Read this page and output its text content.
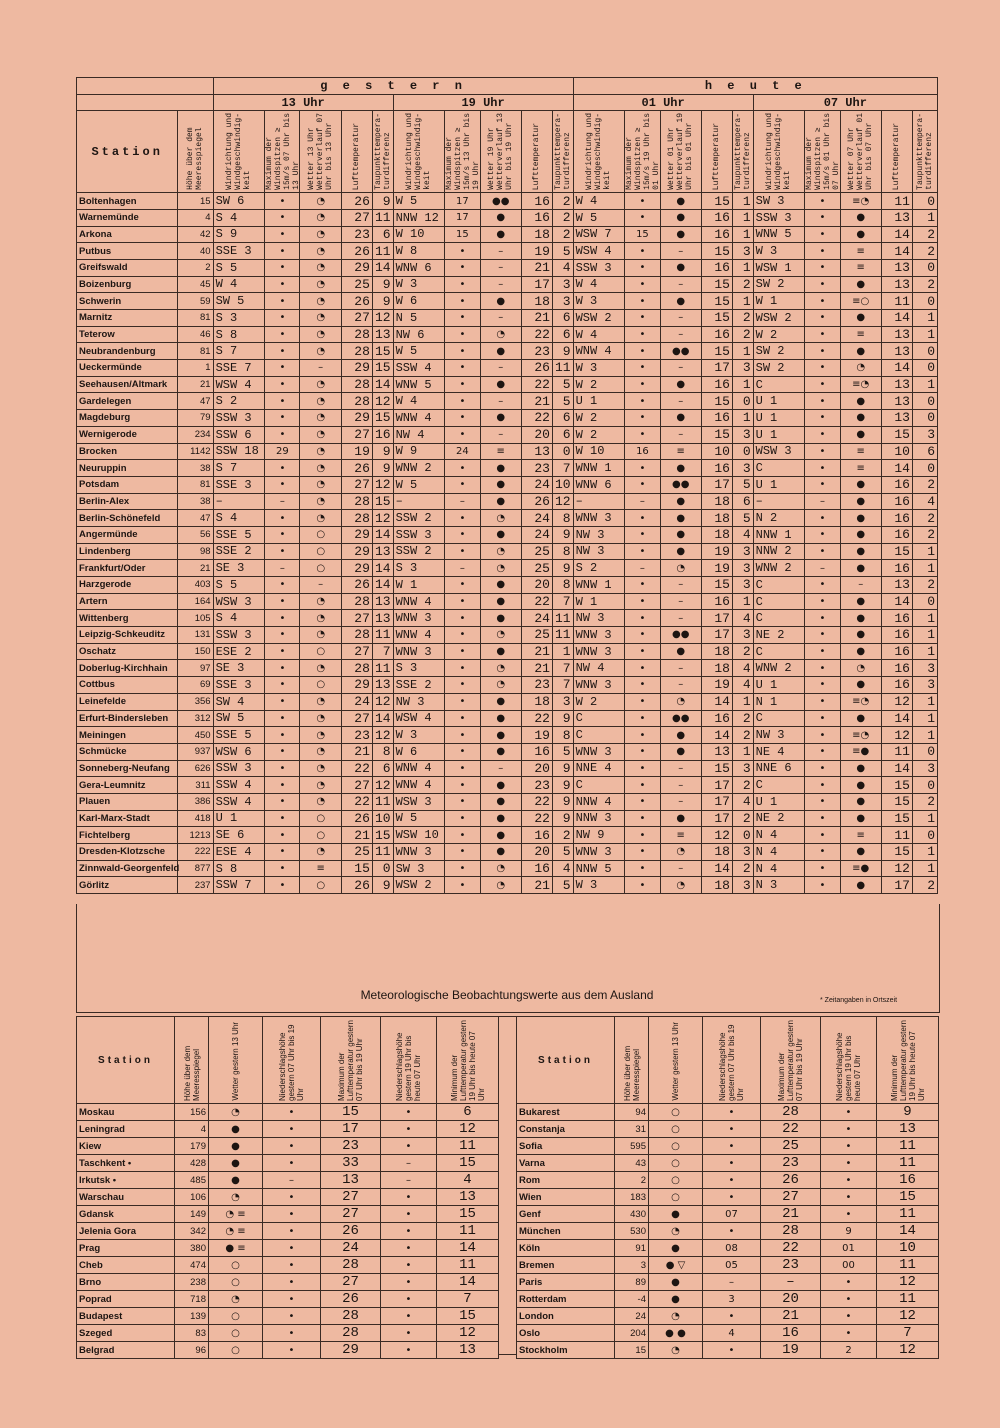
		g e s t e r n										h e u t e									
		13 Uhr					19 Uhr					01 Uhr					07 Uhr				
Station	Höhe über dem Meeresspiegel	Windrichtung und Windgeschwindig-keit	Maximum der Windspitzen ≥ 15m/s 07 Uhr bis 13 Uhr	Wetter 13 Uhr Wetterverlauf 07 Uhr bis 13 Uhr	Lufttemperatur	Taupunkttempera-turdifferenz	Windrichtung und Windgeschwindig-keit	Maximum der Windspitzen ≥ 15m/s 13 Uhr bis 19 Uhr	Wetter 19 Uhr Wetterverlauf 13 Uhr bis 19 Uhr	Lufttemperatur	Taupunkttempera-turdifferenz	Windrichtung und Windgeschwindig-keit	Maximum der Windspitzen ≥ 15m/s 19 Uhr bis 01 Uhr	Wetter 01 Uhr Wetterverlauf 19 Uhr bis 01 Uhr	Lufttemperatur	Taupunkttempera-turdifferenz	Windrichtung und Windgeschwindig-keit	Maximum der Windspitzen ≥ 15m/s 01 Uhr bis 07 Uhr	Wetter 07 Uhr Wetterverlauf 01 Uhr bis 07 Uhr	Lufttemperatur	Taupunkttempera-turdifferenz

Boltenhagen	15	SW 6	•	◔	26	9	W 5	17	●●	16	2	W 4	•	●	15	1	SW 3	•	≡◔	11	0
Warnemünde	4	S 4	•	◔	27	11	NNW 12	17	●	16	2	W 5	•	●	16	1	SSW 3	•	●	13	1
Arkona	42	S 9	•	◔	23	6	W 10	15	●	18	2	WSW 7	15	●	16	1	WNW 5	•	●	14	2
Putbus	40	SSE 3	•	◔	26	11	W 8	•	–	19	5	WSW 4	•	–	15	3	W 3	•	≡	14	2
Greifswald	2	S 5	•	◔	29	14	WNW 6	•	–	21	4	SSW 3	•	●	16	1	WSW 1	•	≡	13	0
Boizenburg	45	W 4	•	◔	25	9	W 3	•	–	17	3	W 4	•	–	15	2	SW 2	•	●	13	2
Schwerin	59	SW 5	•	◔	26	9	W 6	•	●	18	3	W 3	•	●	15	1	W 1	•	≡○	11	0
Marnitz	81	S 3	•	◔	27	12	N 5	•	–	21	6	WSW 2	•	–	15	2	WSW 2	•	●	14	1
Teterow	46	S 8	•	◔	28	13	NW 6	•	◔	22	6	W 4	•	–	16	2	W 2	•	≡	13	1
Neubrandenburg	81	S 7	•	◔	28	15	W 5	•	●	23	9	WNW 4	•	●●	15	1	SW 2	•	●	13	0
Ueckermünde	1	SSE 7	•	–	29	15	SSW 4	•	–	26	11	W 3	•	–	17	3	SW 2	•	◔	14	0
Seehausen/Altmark	21	WSW 4	•	◔	28	14	WNW 5	•	●	22	5	W 2	•	●	16	1	C	•	≡◔	13	1
Gardelegen	47	S 2	•	◔	28	12	W 4	•	–	21	5	U 1	•	–	15	0	U 1	•	●	13	0
Magdeburg	79	SSW 3	•	◔	29	15	WNW 4	•	●	22	6	W 2	•	●	16	1	U 1	•	●	13	0
Wernigerode	234	SSW 6	•	◔	27	16	NW 4	•	–	20	6	W 2	•	–	15	3	U 1	•	●	15	3
Brocken	1142	SSW 18	29	◔	19	9	W 9	24	≡	13	0	W 10	16	≡	10	0	WSW 3	•	≡	10	6
Neuruppin	38	S 7	•	◔	26	9	WNW 2	•	●	23	7	WNW 1	•	●	16	3	C	•	≡	14	0
Potsdam	81	SSE 3	•	◔	27	12	W 5	•	●	24	10	WNW 6	•	●●	17	5	U 1	•	●	16	2
Berlin-Alex	38	–	–	◔	28	15	–	–	●	26	12	–	–	●	18	6	–	–	●	16	4
Berlin-Schönefeld	47	S 4	•	◔	28	12	SSW 2	•	◔	24	8	WNW 3	•	●	18	5	N 2	•	●	16	2
Angermünde	56	SSE 5	•	○	29	14	SSW 3	•	●	24	9	NW 3	•	●	18	4	NNW 1	•	●	16	2
Lindenberg	98	SSE 2	•	○	29	13	SSW 2	•	◔	25	8	NW 3	•	●	19	3	NNW 2	•	●	15	1
Frankfurt/Oder	21	SE 3	–	○	29	14	S 3	–	◔	25	9	S 2	–	◔	19	3	WNW 2	–	●	16	1
Harzgerode	403	S 5	•	–	26	14	W 1	•	●	20	8	WNW 1	•	–	15	3	C	•	–	13	2
Artern	164	WSW 3	•	◔	28	13	WNW 4	•	●	22	7	W 1	•	–	16	1	C	•	●	14	0
Wittenberg	105	S 4	•	◔	27	13	WNW 3	•	●	24	11	NW 3	•	–	17	4	C	•	●	16	1
Leipzig-Schkeuditz	131	SSW 3	•	◔	28	11	WNW 4	•	◔	25	11	WNW 3	•	●●	17	3	NE 2	•	●	16	1
Oschatz	150	ESE 2	•	○	27	7	WNW 3	•	●	21	1	WNW 3	•	●	18	2	C	•	●	16	1
Doberlug-Kirchhain	97	SE 3	•	◔	28	11	S 3	•	◔	21	7	NW 4	•	–	18	4	WNW 2	•	◔	16	3
Cottbus	69	SSE 3	•	○	29	13	SSE 2	•	◔	23	7	WNW 3	•	–	19	4	U 1	•	●	16	3
Leinefelde	356	SW 4	•	◔	24	12	NW 3	•	●	18	3	W 2	•	◔	14	1	N 1	•	≡◔	12	1
Erfurt-Bindersleben	312	SW 5	•	◔	27	14	WSW 4	•	●	22	9	C	•	●●	16	2	C	•	●	14	1
Meiningen	450	SSE 5	•	◔	23	12	W 3	•	●	19	8	C	•	●	14	2	NW 3	•	≡◔	12	1
Schmücke	937	WSW 6	•	◔	21	8	W 6	•	●	16	5	WNW 3	•	●	13	1	NE 4	•	≡●	11	0
Sonneberg-Neufang	626	SSW 3	•	◔	22	6	WNW 4	•	–	20	9	NNE 4	•	–	15	3	NNE 6	•	●	14	3
Gera-Leumnitz	311	SSW 4	•	◔	27	12	WNW 4	•	●	23	9	C	•	–	17	2	C	•	●	15	0
Plauen	386	SSW 4	•	◔	22	11	WSW 3	•	●	22	9	NNW 4	•	–	17	4	U 1	•	●	15	2
Karl-Marx-Stadt	418	U 1	•	○	26	10	W 5	•	●	22	9	NNW 3	•	●	17	2	NE 2	•	●	15	1
Fichtelberg	1213	SE 6	•	○	21	15	WSW 10	•	●	16	2	NW 9	•	≡	12	0	N 4	•	≡	11	0
Dresden-Klotzsche	222	ESE 4	•	◔	25	11	WNW 3	•	●	20	5	WNW 3	•	◔	18	3	N 4	•	●	15	1
Zinnwald-Georgenfeld	877	S 8	•	≡	15	0	SW 3	•	◔	16	4	NNW 5	•	–	14	2	N 4	•	≡●	12	1
Görlitz	237	SSW 7	•	○	26	9	WSW 2	•	◔	21	5	W 3	•	◔	18	3	N 3	•	●	17	2
Meteorologische Beobachtungswerte aus dem Ausland	* Zeitangaben in Ortszeit
Station	Höhe über dem Meeresspiegel	Wetter gestern 13 Uhr	Niederschlagshöhe gestern 07 Uhr bis 19 Uhr	Maximum der Lufttemperatur gestern 07 Uhr bis 19 Uhr	Niederschlagshöhe gestern 19 Uhr bis heute 07 Uhr	Minimum der Lufttemperatur gestern 19 Uhr bis heute 07 Uhr

Moskau	156	◔	•	15	•	6
Leningrad	4	●	•	17	•	12
Kiew	179	●	•	23	•	11
Taschkent •	428	●	•	33	–	15
Irkutsk •	485	●	–	13	–	4
Warschau	106	◔	•	27	•	13
Gdansk	149	◔ ≡	•	27	•	15
Jelenia Gora	342	◔ ≡	•	26	•	11
Prag	380	● ≡	•	24	•	14
Cheb	474	○	•	28	•	11
Brno	238	○	•	27	•	14
Poprad	718	◔	•	26	•	7
Budapest	139	○	•	28	•	15
Szeged	83	○	•	28	•	12
Belgrad	96	○	•	29	•	13
Station	Höhe über dem Meeresspiegel	Wetter gestern 13 Uhr	Niederschlagshöhe gestern 07 Uhr bis 19 Uhr	Maximum der Lufttemperatur gestern 07 Uhr bis 19 Uhr	Niederschlagshöhe gestern 19 Uhr bis heute 07 Uhr	Minimum der Lufttemperatur gestern 19 Uhr bis heute 07 Uhr

Bukarest	94	○	•	28	•	9
Constanja	31	○	•	22	•	13
Sofia	595	○	•	25	•	11
Varna	43	○	•	23	•	11
Rom	2	○	•	26	•	16
Wien	183	○	•	27	•	15
Genf	430	●	07	21	•	11
München	530	◔	•	28	9	14
Köln	91	●	08	22	01	10
Bremen	3	● ▽	05	23	00	11
Paris	89	●	–	–	•	12
Rotterdam	-4	●	3	20	•	11
London	24	◔	•	21	•	12
Oslo	204	● ●	4	16	•	7
Stockholm	15	◔	•	19	2	12
